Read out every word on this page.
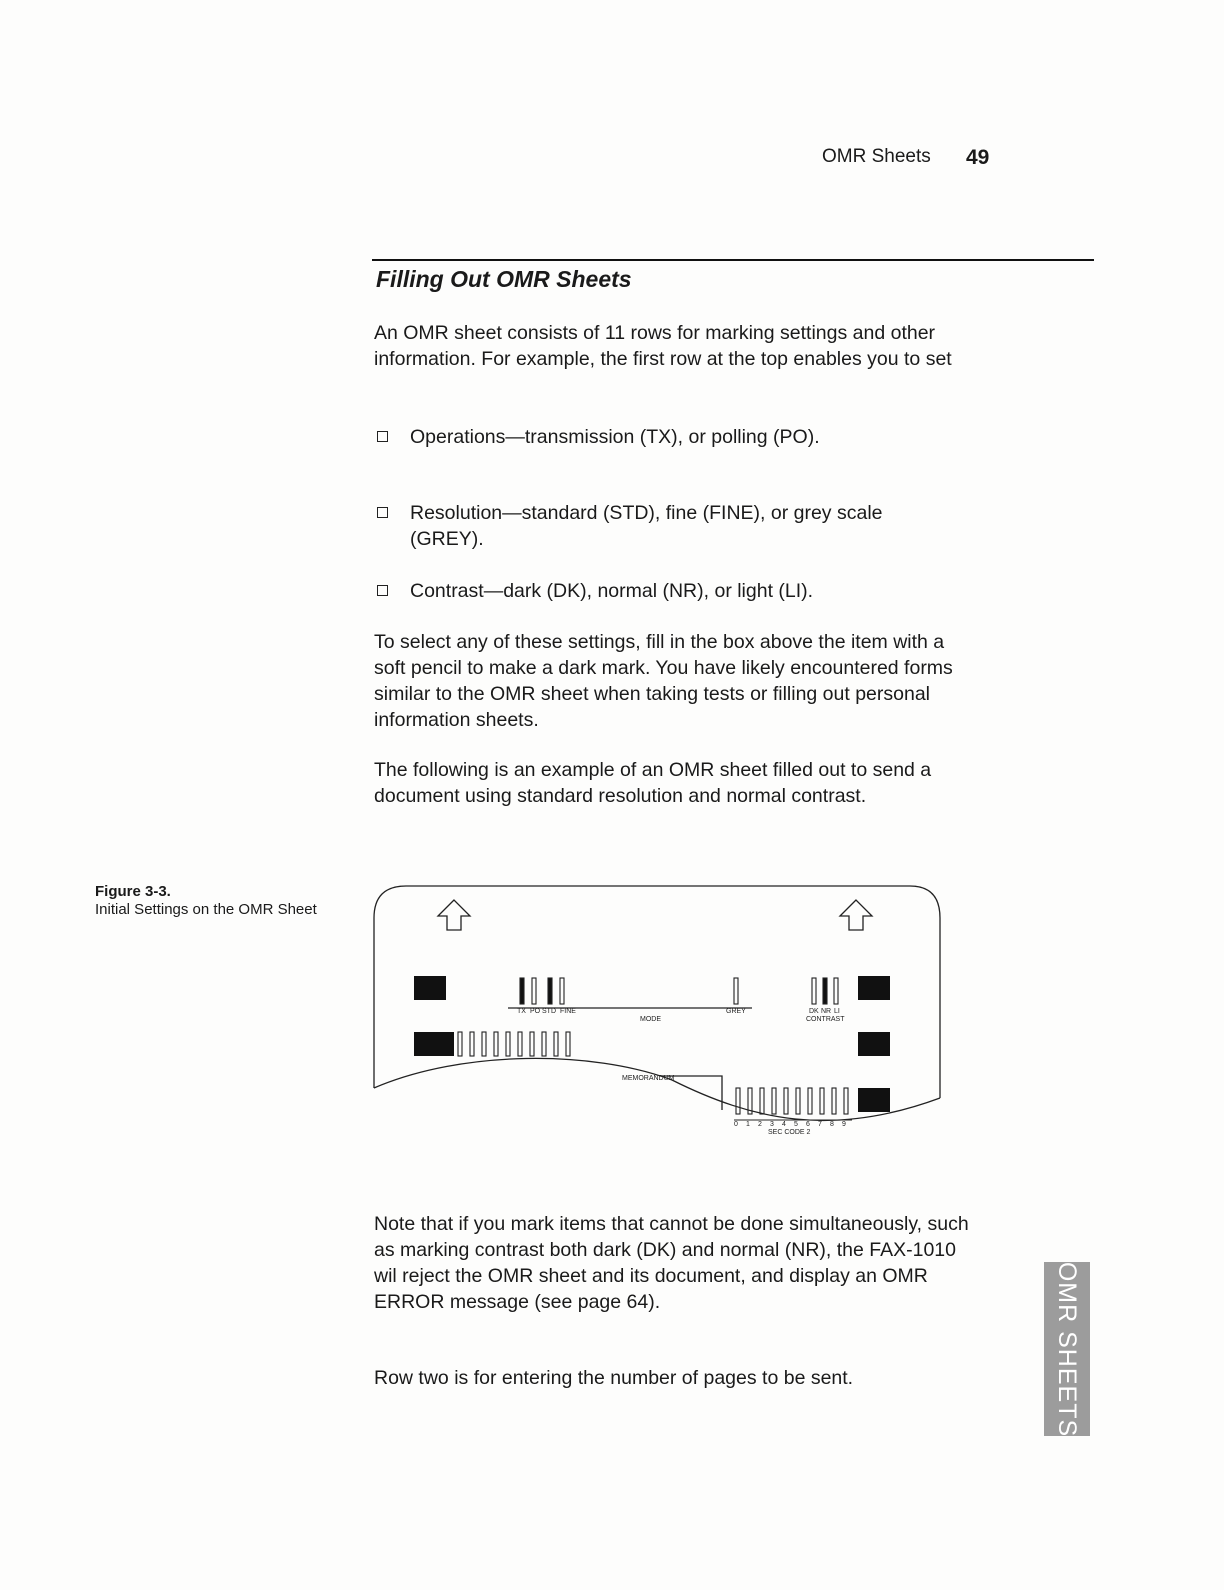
OMR Sheets 49
Filling Out OMR Sheets

An OMR sheet consists of 11 rows for marking settings and other information. For example, the first row at the top enables you to set

Operations—transmission (TX), or polling (PO).
Resolution—standard (STD), fine (FINE), or grey scale (GREY).
Contrast—dark (DK), normal (NR), or light (LI).

To select any of these settings, fill in the box above the item with a soft pencil to make a dark mark. You have likely encountered forms similar to the OMR sheet when taking tests or filling out personal information sheets.

The following is an example of an OMR sheet filled out to send a document using standard resolution and normal contrast.

Figure 3-3.
Initial Settings on the OMR Sheet
TX PO STD FINE	GREY
MODE
DK NR LI
CONTRAST
MEMORANDUM
0 1 2 3 4 5 6 7 8 9
SEC CODE 2

Note that if you mark items that cannot be done simultaneously, such as marking contrast both dark (DK) and normal (NR), the FAX-1010 wil reject the OMR sheet and its document, and display an OMR ERROR message (see page 64).

Row two is for entering the number of pages to be sent.	OMR SHEETS
